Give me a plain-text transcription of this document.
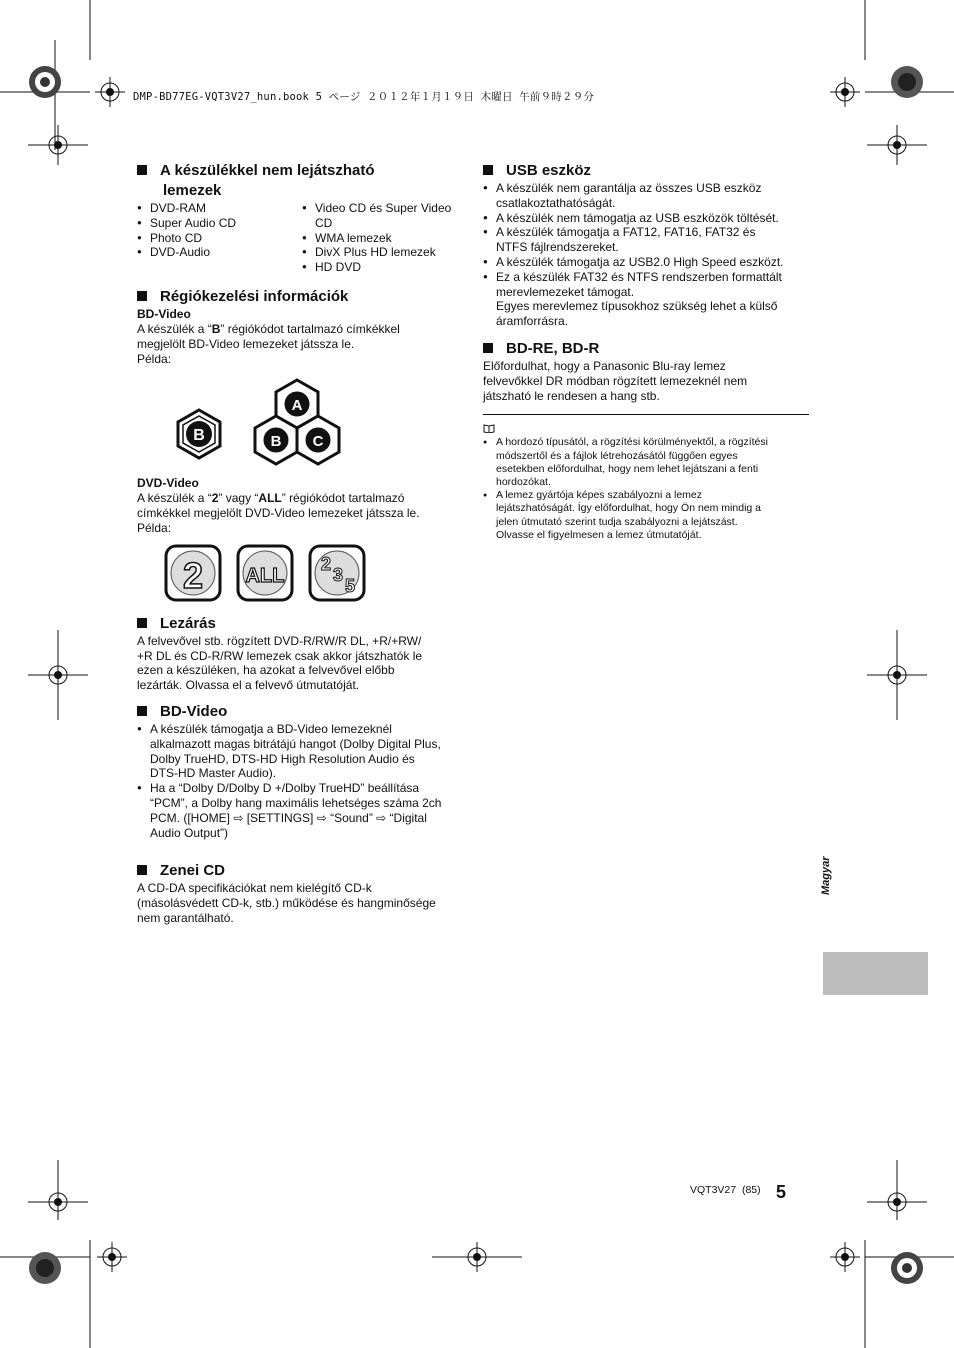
DMP-BD77EG-VQT3V27_hun.book 5 ページ ２０１２年１月１９日 木曜日 午前９時２９分
A készülékkel nem lejátszható
lemezek
● DVD-RAM
● Super Audio CD
● Photo CD
● DVD-Audio
● Video CD és Super Video
CD
● WMA lemezek
● DivX Plus HD lemezek
● HD DVD
Régiókezelési információk
BD-Video
A készülék a “B” régiókódot tartalmazó címkékkel
megjelölt BD-Video lemezeket játssza le.
Példa:
B
A
B C
DVD-Video
A készülék a “2” vagy “ALL” régiókódot tartalmazó
címkékkel megjelölt DVD-Video lemezeket játssza le.
Példa:
2 ALL
2
3
5
Lezárás
A felvevővel stb. rögzített DVD-R/RW/R DL, +R/+RW/
+R DL és CD-R/RW lemezek csak akkor játszhatók le
ezen a készüléken, ha azokat a felvevővel előbb
lezárták. Olvassa el a felvevő útmutatóját.
BD-Video
● A készülék támogatja a BD-Video lemezeknél
alkalmazott magas bitrátájú hangot (Dolby Digital Plus,
Dolby TrueHD, DTS-HD High Resolution Audio és
DTS-HD Master Audio).
● Ha a “Dolby D/Dolby D +/Dolby TrueHD” beállítása
“PCM”, a Dolby hang maximális lehetséges száma 2ch
PCM. ([HOME] ⇨ [SETTINGS] ⇨ “Sound” ⇨ “Digital
Audio Output”)
Zenei CD
A CD-DA specifikációkat nem kielégítő CD-k
(másolásvédett CD-k, stb.) működése és hangminősége
nem garantálható.
USB eszköz
● A készülék nem garantálja az összes USB eszköz
csatlakoztathatóságát.
● A készülék nem támogatja az USB eszközök töltését.
● A készülék támogatja a FAT12, FAT16, FAT32 és
NTFS fájlrendszereket.
● A készülék támogatja az USB2.0 High Speed eszközt.
● Ez a készülék FAT32 és NTFS rendszerben formattált
merevlemezeket támogat.
Egyes merevlemez típusokhoz szükség lehet a külső
áramforrásra.
BD-RE, BD-R
Előfordulhat, hogy a Panasonic Blu-ray lemez
felvevőkkel DR módban rögzített lemezeknél nem
játszható le rendesen a hang stb.
● A hordozó típusától, a rögzítési körülményektől, a rögzítési
módszertől és a fájlok létrehozásától függően egyes
esetekben előfordulhat, hogy nem lehet lejátszani a fenti
hordozókat.
● A lemez gyártója képes szabályozni a lemez
lejátszhatóságát. Így előfordulhat, hogy Ön nem mindig a
jelen útmutató szerint tudja szabályozni a lejátszást.
Olvasse el figyelmesen a lemez útmutatóját.
Magyar
VQT3V27 (85) 5
